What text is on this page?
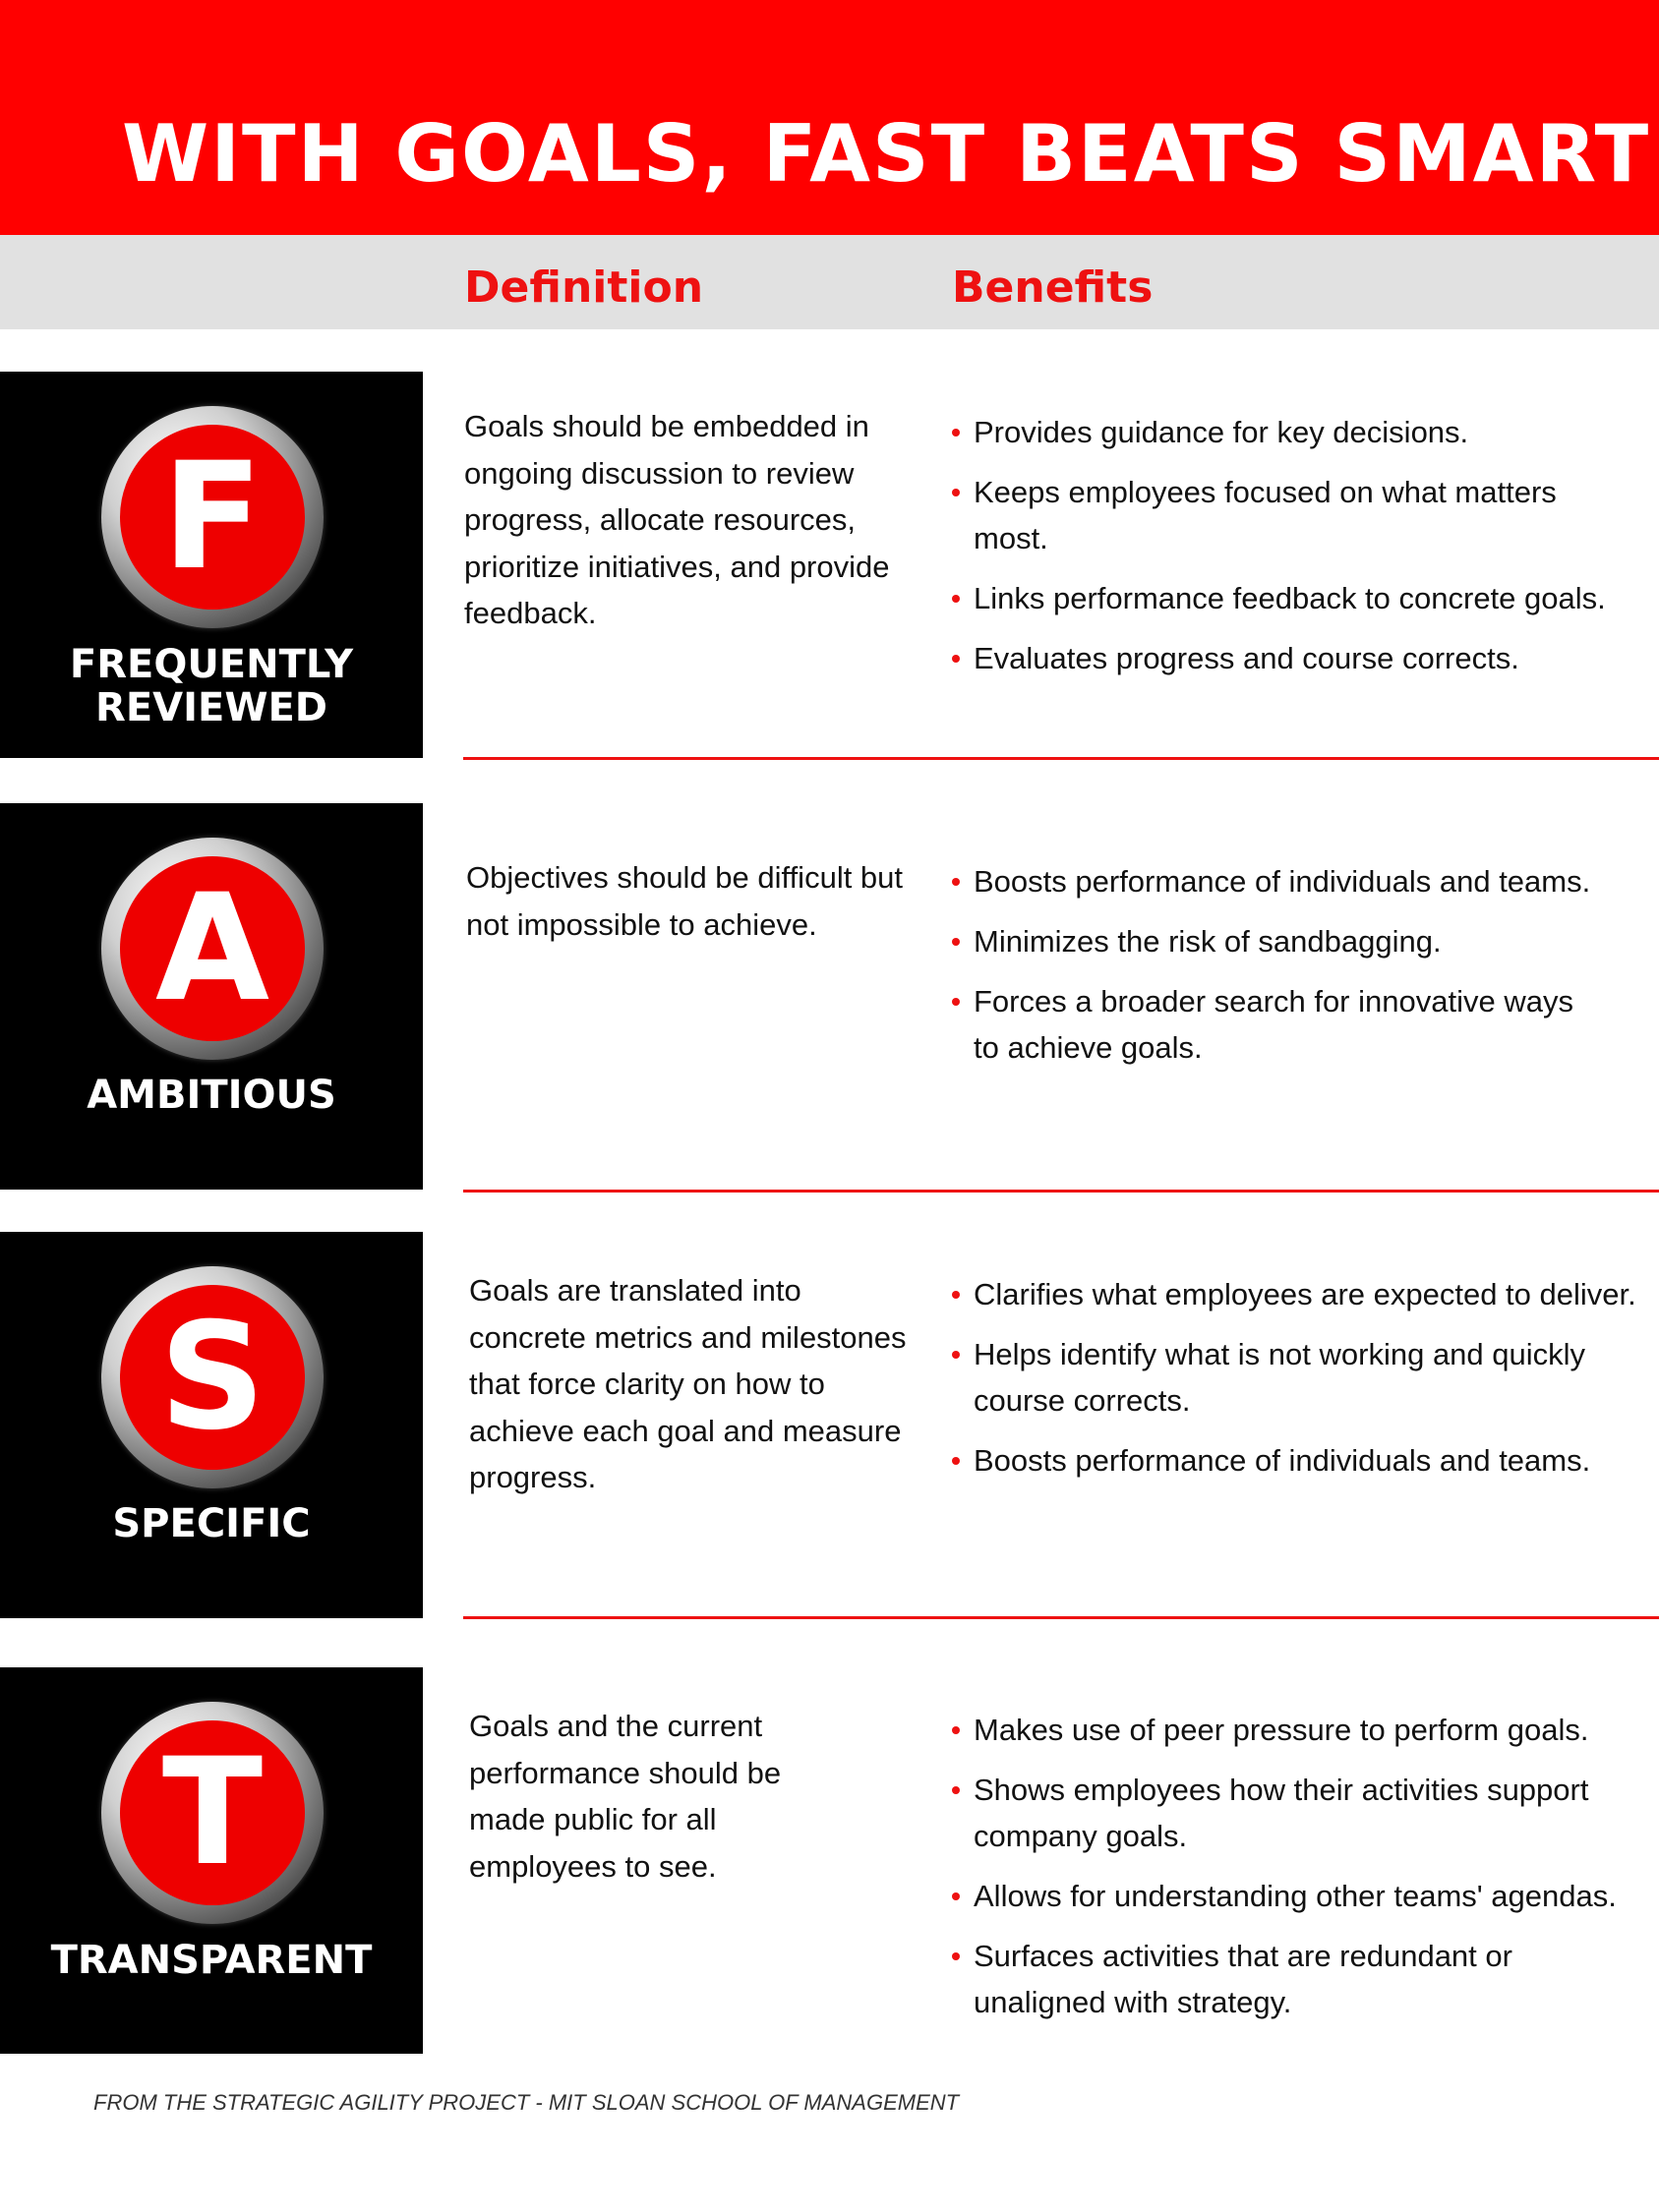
WITH GOALS, FAST BEATS SMART

Definition	Benefits

F
FREQUENTLY
REVIEWED

Goals should be embedded in ongoing discussion to review progress, allocate resources, prioritize initiatives, and provide feedback.

Provides guidance for key decisions.
Keeps employees focused on what matters most.
Links performance feedback to concrete goals.
Evaluates progress and course corrects.
A
AMBITIOUS

Objectives should be difficult but not impossible to achieve.

Boosts performance of individuals and teams.
Minimizes the risk of sandbagging.
Forces a broader search for innovative ways to achieve goals.
S
SPECIFIC

Goals are translated into concrete metrics and milestones that force clarity on how to achieve each goal and measure progress.

Clarifies what employees are expected to deliver.
Helps identify what is not working and quickly course corrects.
Boosts performance of individuals and teams.
T
TRANSPARENT

Goals and the current performance should be made public for all employees to see.

Makes use of peer pressure to perform goals.
Shows employees how their activities support company goals.
Allows for understanding other teams' agendas.
Surfaces activities that are redundant or unaligned with strategy.

FROM THE STRATEGIC AGILITY PROJECT - MIT SLOAN SCHOOL OF MANAGEMENT
